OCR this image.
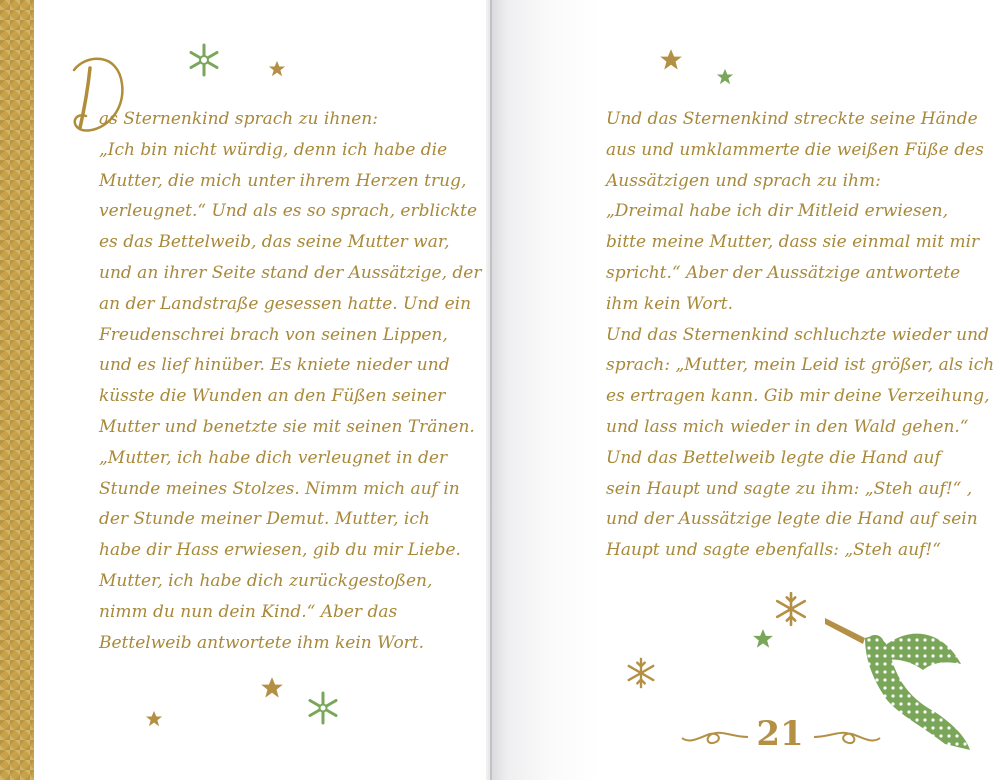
as Sternenkind sprach zu ihnen:
„Ich bin nicht würdig, denn ich habe die
Mutter, die mich unter ihrem Herzen trug,
verleugnet.“ Und als es so sprach, erblickte
es das Bettelweib, das seine Mutter war,
und an ihrer Seite stand der Aussätzige, der
an der Landstraße gesessen hatte. Und ein
Freudenschrei brach von seinen Lippen,
und es lief hinüber. Es kniete nieder und
küsste die Wunden an den Füßen seiner
Mutter und benetzte sie mit seinen Tränen.
„Mutter, ich habe dich verleugnet in der
Stunde meines Stolzes. Nimm mich auf in
der Stunde meiner Demut. Mutter, ich
habe dir Hass erwiesen, gib du mir Liebe.
Mutter, ich habe dich zurückgestoßen,
nimm du nun dein Kind.“ Aber das
Bettelweib antwortete ihm kein Wort.
Und das Sternenkind streckte seine Hände
aus und umklammerte die weißen Füße des
Aussätzigen und sprach zu ihm:
„Dreimal habe ich dir Mitleid erwiesen,
bitte meine Mutter, dass sie einmal mit mir
spricht.“ Aber der Aussätzige antwortete
ihm kein Wort.
Und das Sternenkind schluchzte wieder und
sprach: „Mutter, mein Leid ist größer, als ich
es ertragen kann. Gib mir deine Verzeihung,
und lass mich wieder in den Wald gehen.“
Und das Bettelweib legte die Hand auf
sein Haupt und sagte zu ihm: „Steh auf!“ ,
und der Aussätzige legte die Hand auf sein
Haupt und sagte ebenfalls: „Steh auf!“
21
